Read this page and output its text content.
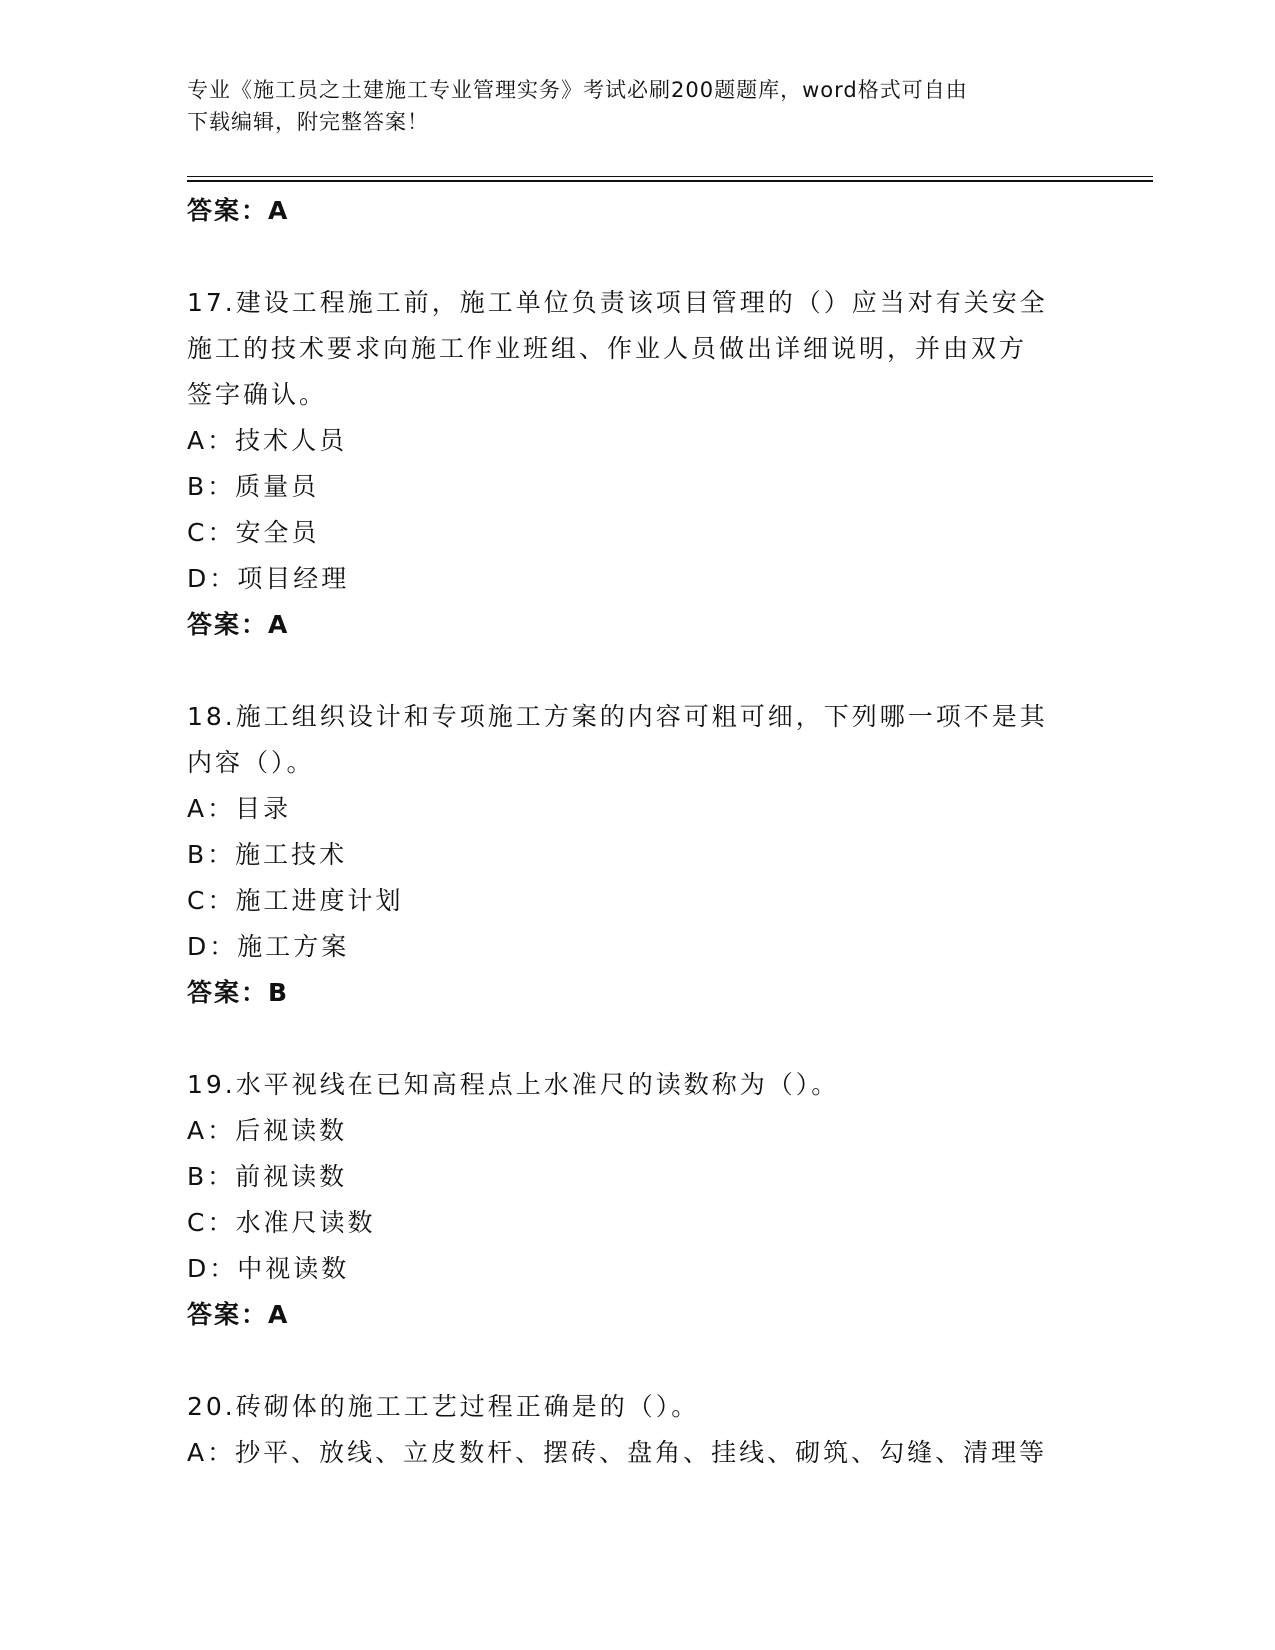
专业《施工员之土建施工专业管理实务》考试必刷200题题库，word格式可自由
下载编辑，附完整答案！
答案：A
17.建设工程施工前，施工单位负责该项目管理的（）应当对有关安全
施工的技术要求向施工作业班组、作业人员做出详细说明，并由双方
签字确认。
A：技术人员
B：质量员
C：安全员
D：项目经理
答案：A
18.施工组织设计和专项施工方案的内容可粗可细，下列哪一项不是其
内容（）。
A：目录
B：施工技术
C：施工进度计划
D：施工方案
答案：B
19.水平视线在已知高程点上水准尺的读数称为（）。
A：后视读数
B：前视读数
C：水准尺读数
D：中视读数
答案：A
20.砖砌体的施工工艺过程正确是的（）。
A：抄平、放线、立皮数杆、摆砖、盘角、挂线、砌筑、勾缝、清理等
